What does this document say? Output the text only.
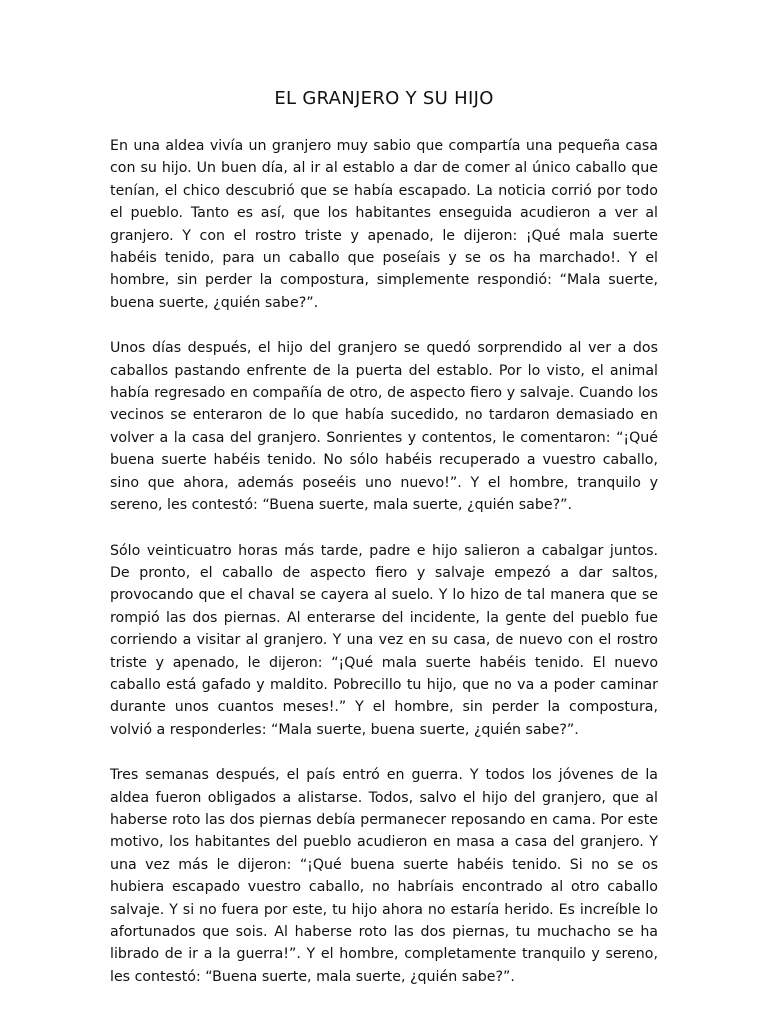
EL GRANJERO Y SU HIJO

En una aldea vivía un granjero muy sabio que compartía una pequeña casa con su hijo. Un buen día, al ir al establo a dar de comer al único caballo que tenían, el chico descubrió que se había escapado. La noticia corrió por todo el pueblo. Tanto es así, que los habitantes enseguida acudieron a ver al granjero. Y con el rostro triste y apenado, le dijeron: ¡Qué mala suerte habéis tenido, para un caballo que poseíais y se os ha marchado!. Y el hombre, sin perder la compostura, simplemente respondió: “Mala suerte, buena suerte, ¿quién sabe?”.

Unos días después, el hijo del granjero se quedó sorprendido al ver a dos caballos pastando enfrente de la puerta del establo. Por lo visto, el animal había regresado en compañía de otro, de aspecto fiero y salvaje. Cuando los vecinos se enteraron de lo que había sucedido, no tardaron demasiado en volver a la casa del granjero. Sonrientes y contentos, le comentaron: “¡Qué buena suerte habéis tenido. No sólo habéis recuperado a vuestro caballo, sino que ahora, además poseéis uno nuevo!”. Y el hombre, tranquilo y sereno, les contestó: “Buena suerte, mala suerte, ¿quién sabe?”.

Sólo veinticuatro horas más tarde, padre e hijo salieron a cabalgar juntos. De pronto, el caballo de aspecto fiero y salvaje empezó a dar saltos, provocando que el chaval se cayera al suelo. Y lo hizo de tal manera que se rompió las dos piernas. Al enterarse del incidente, la gente del pueblo fue corriendo a visitar al granjero. Y una vez en su casa, de nuevo con el rostro triste y apenado, le dijeron: “¡Qué mala suerte habéis tenido. El nuevo caballo está gafado y maldito. Pobrecillo tu hijo, que no va a poder caminar durante unos cuantos meses!.” Y el hombre, sin perder la compostura, volvió a responderles: “Mala suerte, buena suerte, ¿quién sabe?”.

Tres semanas después, el país entró en guerra. Y todos los jóvenes de la aldea fueron obligados a alistarse. Todos, salvo el hijo del granjero, que al haberse roto las dos piernas debía permanecer reposando en cama. Por este motivo, los habitantes del pueblo acudieron en masa a casa del granjero. Y una vez más le dijeron: “¡Qué buena suerte habéis tenido. Si no se os hubiera escapado vuestro caballo, no habríais encontrado al otro caballo salvaje. Y si no fuera por este, tu hijo ahora no estaría herido. Es increíble lo afortunados que sois. Al haberse roto las dos piernas, tu muchacho se ha librado de ir a la guerra!”. Y el hombre, completamente tranquilo y sereno, les contestó: “Buena suerte, mala suerte, ¿quién sabe?”.
